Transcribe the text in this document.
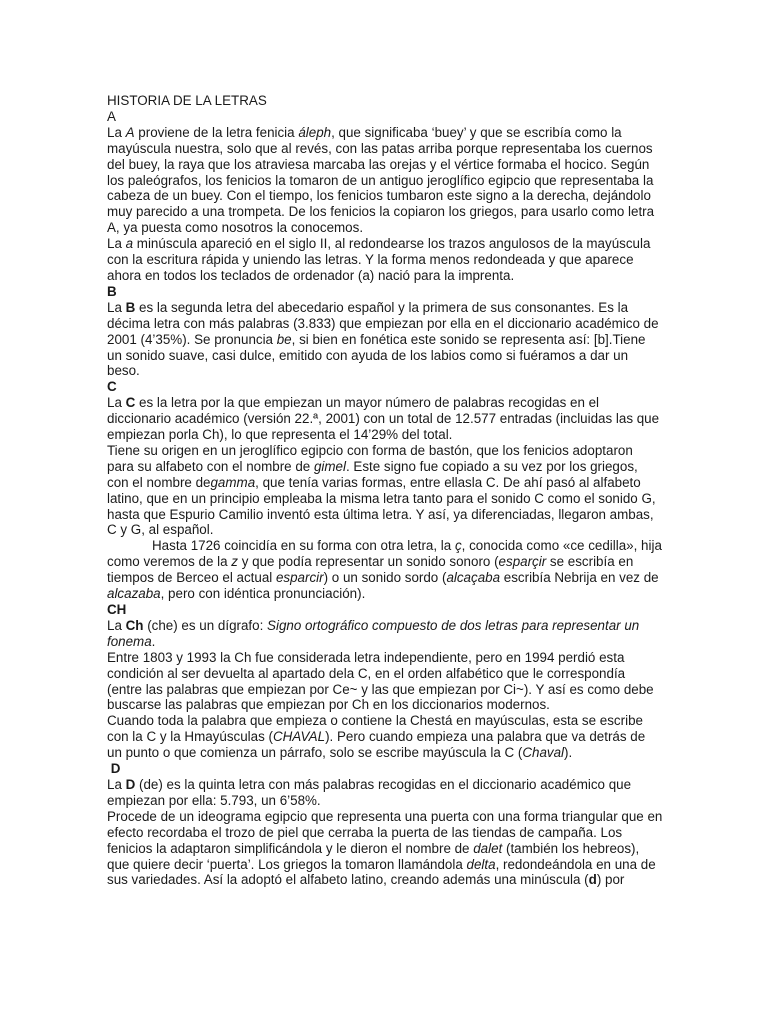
HISTORIA DE LA LETRAS
A

La A proviene de la letra fenicia áleph, que significaba ‘buey’ y que se escribía como la mayúscula nuestra, solo que al revés, con las patas arriba porque representaba los cuernos del buey, la raya que los atraviesa marcaba las orejas y el vértice formaba el hocico. Según los paleógrafos, los fenicios la tomaron de un antiguo jeroglífico egipcio que representaba la cabeza de un buey. Con el tiempo, los fenicios tumbaron este signo a la derecha, dejándolo muy parecido a una trompeta. De los fenicios la copiaron los griegos, para usarlo como letra A, ya puesta como nosotros la conocemos.

La a minúscula apareció en el siglo II, al redondearse los trazos angulosos de la mayúscula con la escritura rápida y uniendo las letras. Y la forma menos redondeada y que aparece ahora en todos los teclados de ordenador (a) nació para la imprenta.

B

La B es la segunda letra del abecedario español y la primera de sus consonantes. Es la décima letra con más palabras (3.833) que empiezan por ella en el diccionario académico de 2001 (4’35%). Se pronuncia be, si bien en fonética este sonido se representa así: [b].Tiene un sonido suave, casi dulce, emitido con ayuda de los labios como si fuéramos a dar un beso.

C

La C es la letra por la que empiezan un mayor número de palabras recogidas en el diccionario académico (versión 22.ª, 2001) con un total de 12.577 entradas (incluidas las que empiezan porla Ch), lo que representa el 14’29% del total.

Tiene su origen en un jeroglífico egipcio con forma de bastón, que los fenicios adoptaron para su alfabeto con el nombre de gimel. Este signo fue copiado a su vez por los griegos, con el nombre degamma, que tenía varias formas, entre ellasla C. De ahí pasó al alfabeto latino, que en un principio empleaba la misma letra tanto para el sonido C como el sonido G, hasta que Espurio Camilio inventó esta última letra. Y así, ya diferenciadas, llegaron ambas, C y G, al español.

Hasta 1726 coincidía en su forma con otra letra, la ç, conocida como «ce cedilla», hija como veremos de la z y que podía representar un sonido sonoro (esparçir se escribía en tiempos de Berceo el actual esparcir) o un sonido sordo (alcaçaba escribía Nebrija en vez de alcazaba, pero con idéntica pronunciación).

CH

La Ch (che) es un dígrafo: Signo ortográfico compuesto de dos letras para representar un fonema.

Entre 1803 y 1993 la Ch fue considerada letra independiente, pero en 1994 perdió esta condición al ser devuelta al apartado dela C, en el orden alfabético que le correspondía (entre las palabras que empiezan por Ce~ y las que empiezan por Ci~). Y así es como debe buscarse las palabras que empiezan por Ch en los diccionarios modernos.

Cuando toda la palabra que empieza o contiene la Chestá en mayúsculas, esta se escribe con la C y la Hmayúsculas (CHAVAL). Pero cuando empieza una palabra que va detrás de un punto o que comienza un párrafo, solo se escribe mayúscula la C (Chaval).

D

La D (de) es la quinta letra con más palabras recogidas en el diccionario académico que empiezan por ella: 5.793, un 6’58%.

Procede de un ideograma egipcio que representa una puerta con una forma triangular que en efecto recordaba el trozo de piel que cerraba la puerta de las tiendas de campaña. Los fenicios la adaptaron simplificándola y le dieron el nombre de dalet (también los hebreos), que quiere decir ‘puerta’. Los griegos la tomaron llamándola delta, redondeándola en una de sus variedades. Así la adoptó el alfabeto latino, creando además una minúscula (d) por
